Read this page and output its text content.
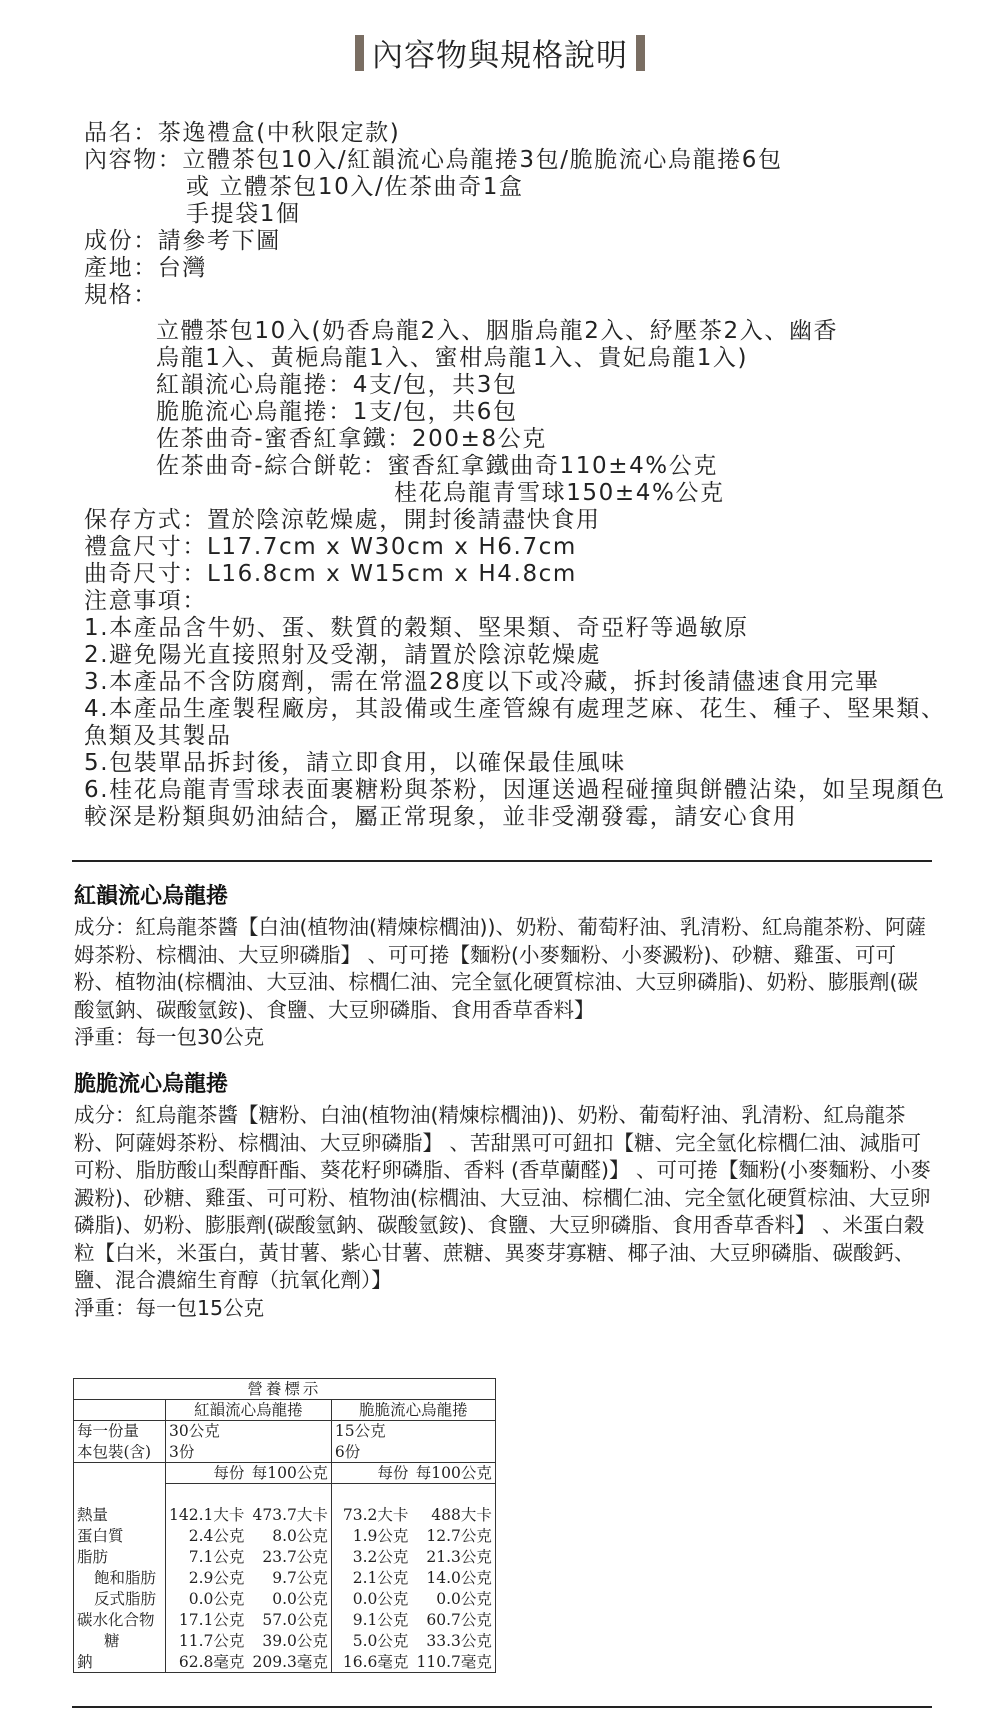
內容物與規格說明
品名：茶逸禮盒(中秋限定款)
內容物：立體茶包10入/紅韻流心烏龍捲3包/脆脆流心烏龍捲6包
或 立體茶包10入/佐茶曲奇1盒
手提袋1個
成份：請參考下圖
產地：台灣
規格：
立體茶包10入(奶香烏龍2入、胭脂烏龍2入、紓壓茶2入、幽香
烏龍1入、黃梔烏龍1入、蜜柑烏龍1入、貴妃烏龍1入)
紅韻流心烏龍捲：4支/包，共3包
脆脆流心烏龍捲：1支/包，共6包
佐茶曲奇-蜜香紅拿鐵：200±8公克
佐茶曲奇-綜合餅乾：蜜香紅拿鐵曲奇110±4%公克
桂花烏龍青雪球150±4%公克
保存方式：置於陰涼乾燥處，開封後請盡快食用
禮盒尺寸：L17.7cm x W30cm x H6.7cm
曲奇尺寸：L16.8cm x W15cm x H4.8cm
注意事項：
1.本產品含牛奶、蛋、麩質的穀類、堅果類、奇亞籽等過敏原
2.避免陽光直接照射及受潮，請置於陰涼乾燥處
3.本產品不含防腐劑，需在常溫28度以下或冷藏，拆封後請儘速食用完畢
4.本產品生產製程廠房，其設備或生產管線有處理芝麻、花生、種子、堅果類、魚類及其製品
5.包裝單品拆封後，請立即食用，以確保最佳風味
6.桂花烏龍青雪球表面裹糖粉與茶粉，因運送過程碰撞與餅體沾染，如呈現顏色較深是粉類與奶油結合，屬正常現象，並非受潮發霉，請安心食用
紅韻流心烏龍捲
成分：紅烏龍茶醬【白油(植物油(精煉棕櫚油))、奶粉、葡萄籽油、乳清粉、紅烏龍茶粉、阿薩姆茶粉、棕櫚油、大豆卵磷脂】 、可可捲【麵粉(小麥麵粉、小麥澱粉)、砂糖、雞蛋、可可粉、植物油(棕櫚油、大豆油、棕櫚仁油、完全氫化硬質棕油、大豆卵磷脂)、奶粉、膨脹劑(碳酸氫鈉、碳酸氫銨)、食鹽、大豆卵磷脂、食用香草香料】
淨重：每一包30公克
脆脆流心烏龍捲
成分：紅烏龍茶醬【糖粉、白油(植物油(精煉棕櫚油))、奶粉、葡萄籽油、乳清粉、紅烏龍茶粉、阿薩姆茶粉、棕櫚油、大豆卵磷脂】 、苦甜黑可可鈕扣【糖、完全氫化棕櫚仁油、減脂可可粉、脂肪酸山梨醇酐酯、葵花籽卵磷脂、香料 (香草蘭醛)】 、可可捲【麵粉(小麥麵粉、小麥澱粉)、砂糖、雞蛋、可可粉、植物油(棕櫚油、大豆油、棕櫚仁油、完全氫化硬質棕油、大豆卵磷脂)、奶粉、膨脹劑(碳酸氫鈉、碳酸氫銨)、食鹽、大豆卵磷脂、食用香草香料】 、米蛋白穀粒【白米，米蛋白，黃甘薯、紫心甘薯、蔗糖、異麥芽寡糖、椰子油、大豆卵磷脂、碳酸鈣、鹽、混合濃縮生育醇（抗氧化劑）】
淨重：每一包15公克
營養標示				
	紅韻流心烏龍捲		脆脆流心烏龍捲	
每一份量	30公克		15公克	
本包裝(含)	3份		6份	
	每份	每100公克	每份	每100公克

熱量	142.1大卡	473.7大卡	73.2大卡	488大卡
蛋白質	2.4公克	8.0公克	1.9公克	12.7公克
脂肪	7.1公克	23.7公克	3.2公克	21.3公克
飽和脂肪	2.9公克	9.7公克	2.1公克	14.0公克
反式脂肪	0.0公克	0.0公克	0.0公克	0.0公克
碳水化合物	17.1公克	57.0公克	9.1公克	60.7公克
糖	11.7公克	39.0公克	5.0公克	33.3公克
鈉	62.8毫克	209.3毫克	16.6毫克	110.7毫克
